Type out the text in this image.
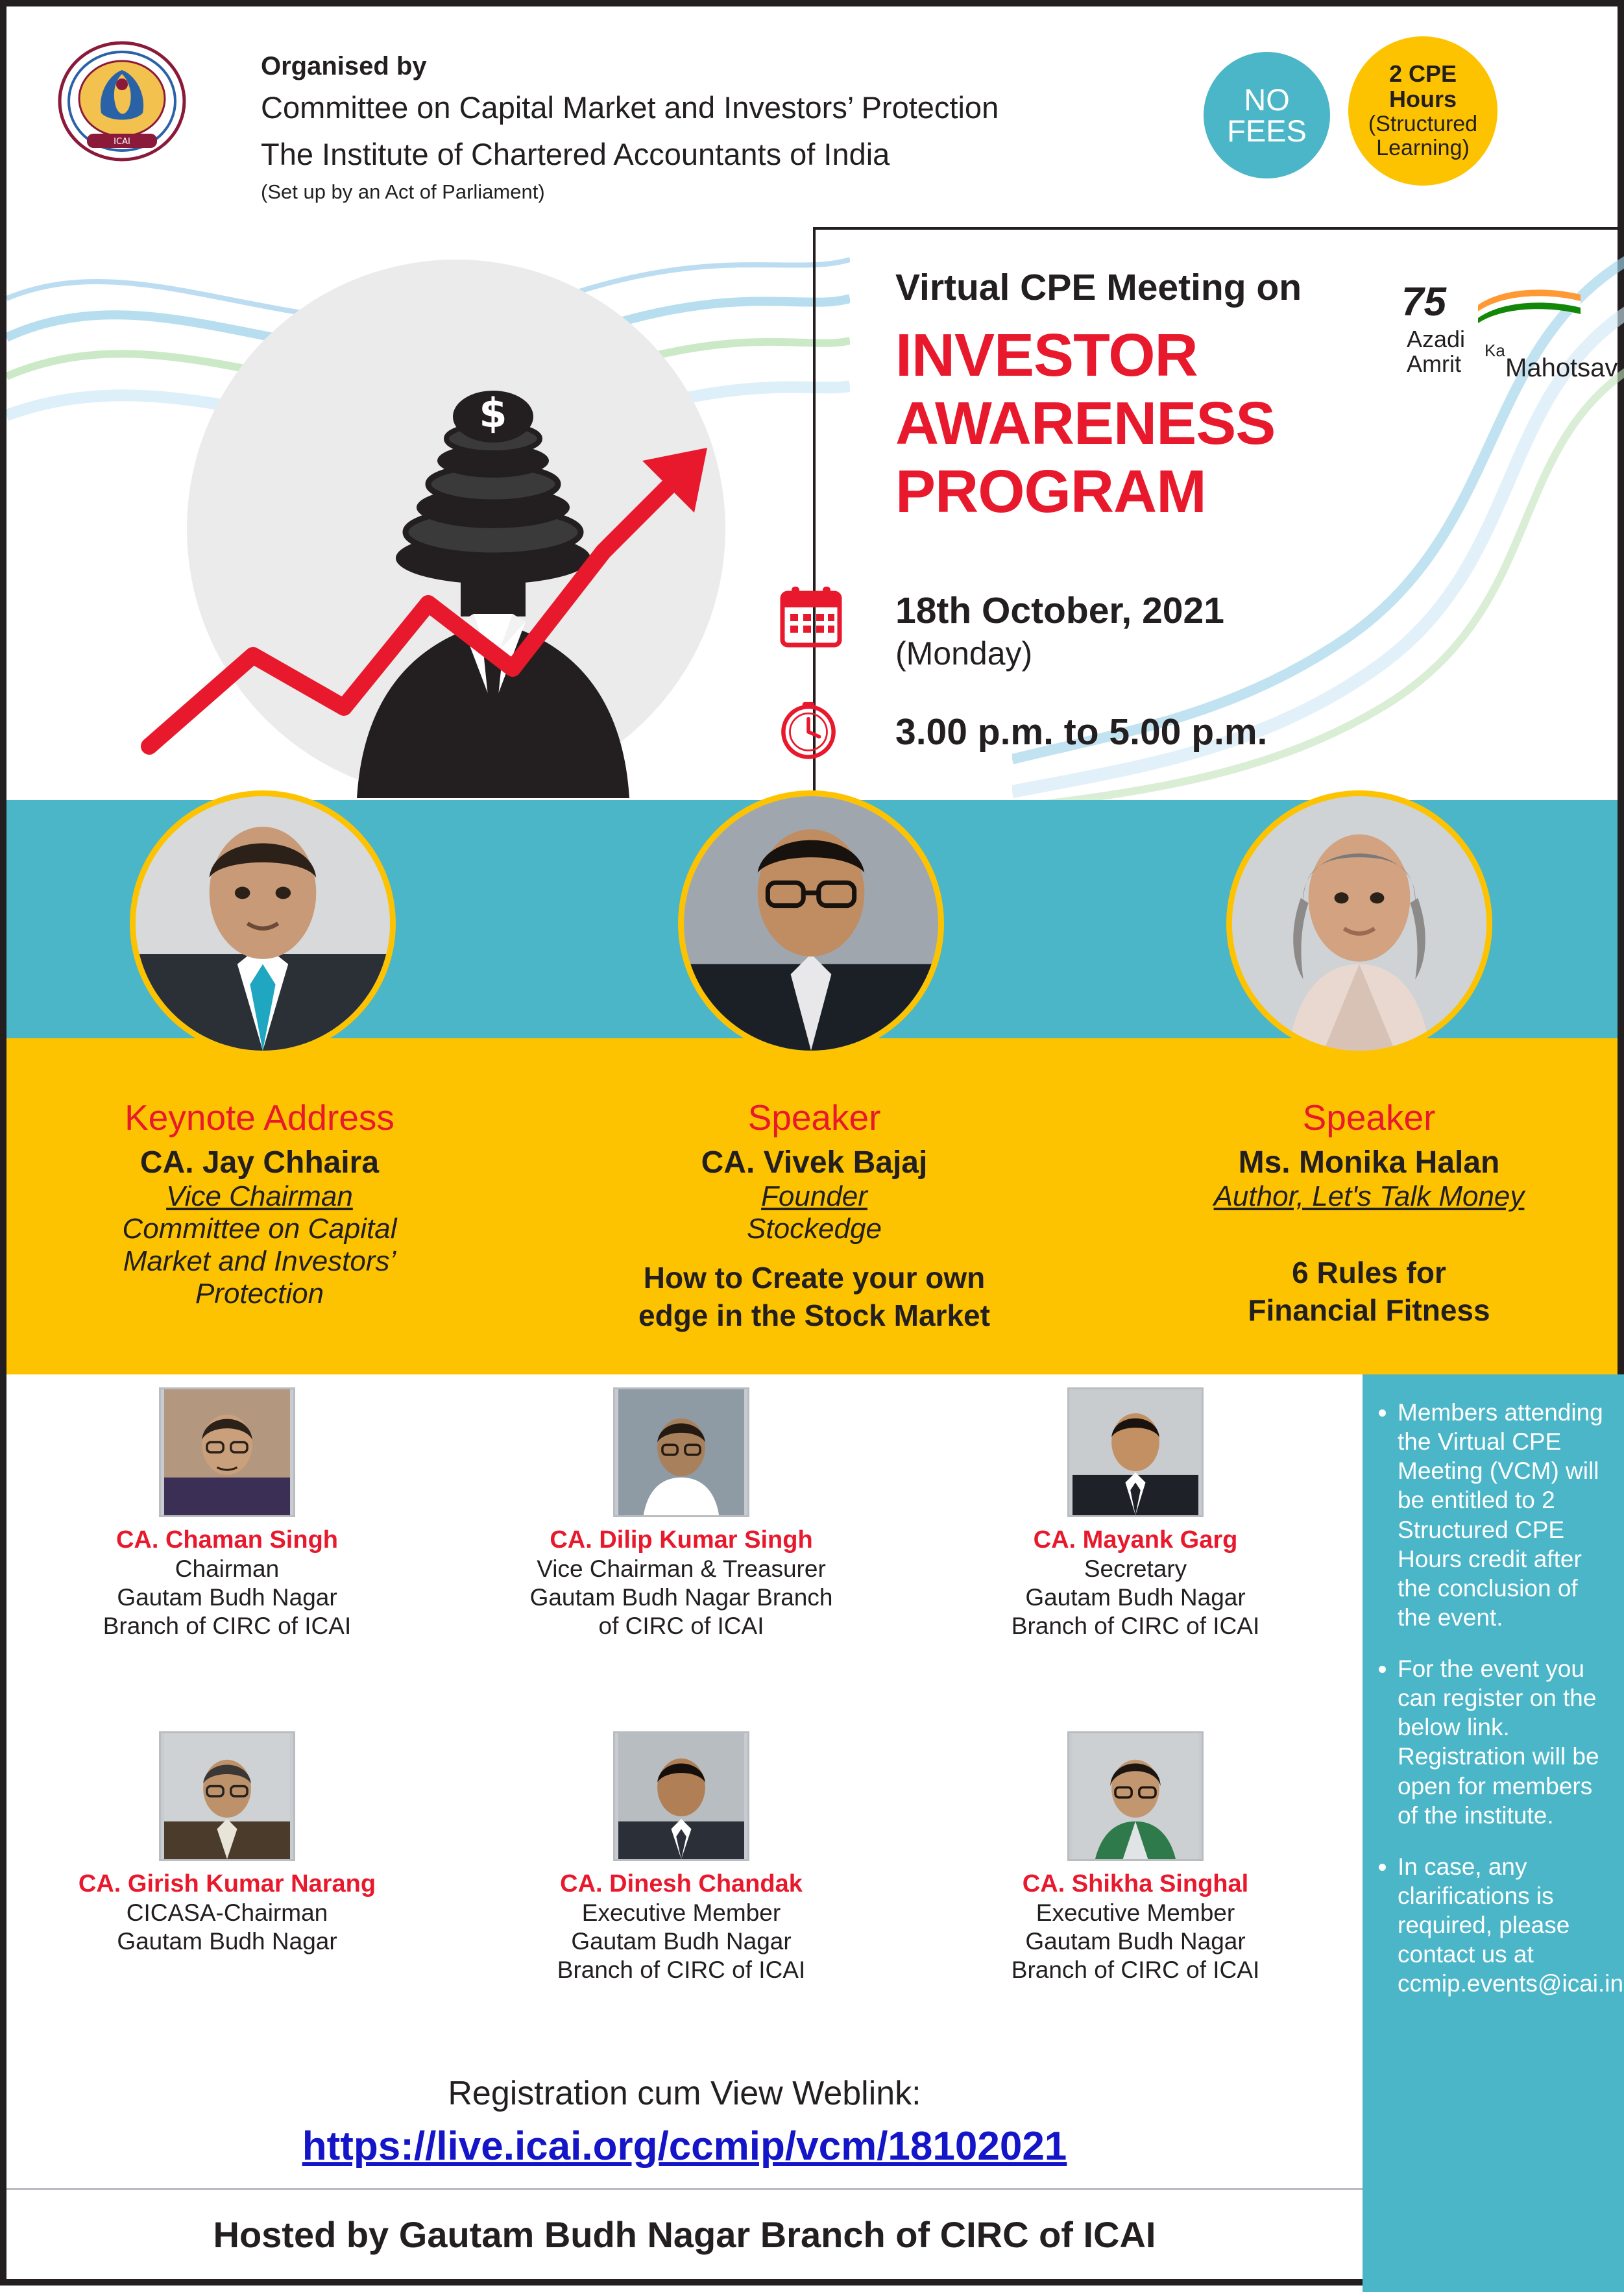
ICAI
Organised by
Committee on Capital Market and Investors’ Protection
The Institute of Chartered Accountants of India
(Set up by an Act of Parliament)
NO
FEES
2 CPE
Hours
(Structured
Learning)
Virtual CPE Meeting on
INVESTOR
AWARENESS
PROGRAM
75
Azadi Ka
Amrit Mahotsav
18th October, 2021
(Monday)
3.00 p.m. to 5.00 p.m.
$
Keynote Address
CA. Jay Chhaira
Vice Chairman
Committee on Capital
Market and Investors’
Protection
Speaker
CA. Vivek Bajaj
Founder
Stockedge
How to Create your own
edge in the Stock Market
Speaker
Ms. Monika Halan
Author, Let's Talk Money
6 Rules for
Financial Fitness
CA. Chaman Singh
Chairman
Gautam Budh Nagar
Branch of CIRC of ICAI
CA. Dilip Kumar Singh
Vice Chairman & Treasurer
Gautam Budh Nagar Branch
of CIRC of ICAI
CA. Mayank Garg
Secretary
Gautam Budh Nagar
Branch of CIRC of ICAI
CA. Girish Kumar Narang
CICASA-Chairman
Gautam Budh Nagar
CA. Dinesh Chandak
Executive Member
Gautam Budh Nagar
Branch of CIRC of ICAI
CA. Shikha Singhal
Executive Member
Gautam Budh Nagar
Branch of CIRC of ICAI
• Members attending the Virtual CPE Meeting (VCM) will be entitled to 2 Structured CPE Hours credit after the conclusion of the event.
• For the event you can register on the below link. Registration will be open for members of the institute.
• In case, any clarifications is required, please contact us at ccmip.events@icai.in
Registration cum View Weblink:
https://live.icai.org/ccmip/vcm/18102021
Hosted by Gautam Budh Nagar Branch of CIRC of ICAI
